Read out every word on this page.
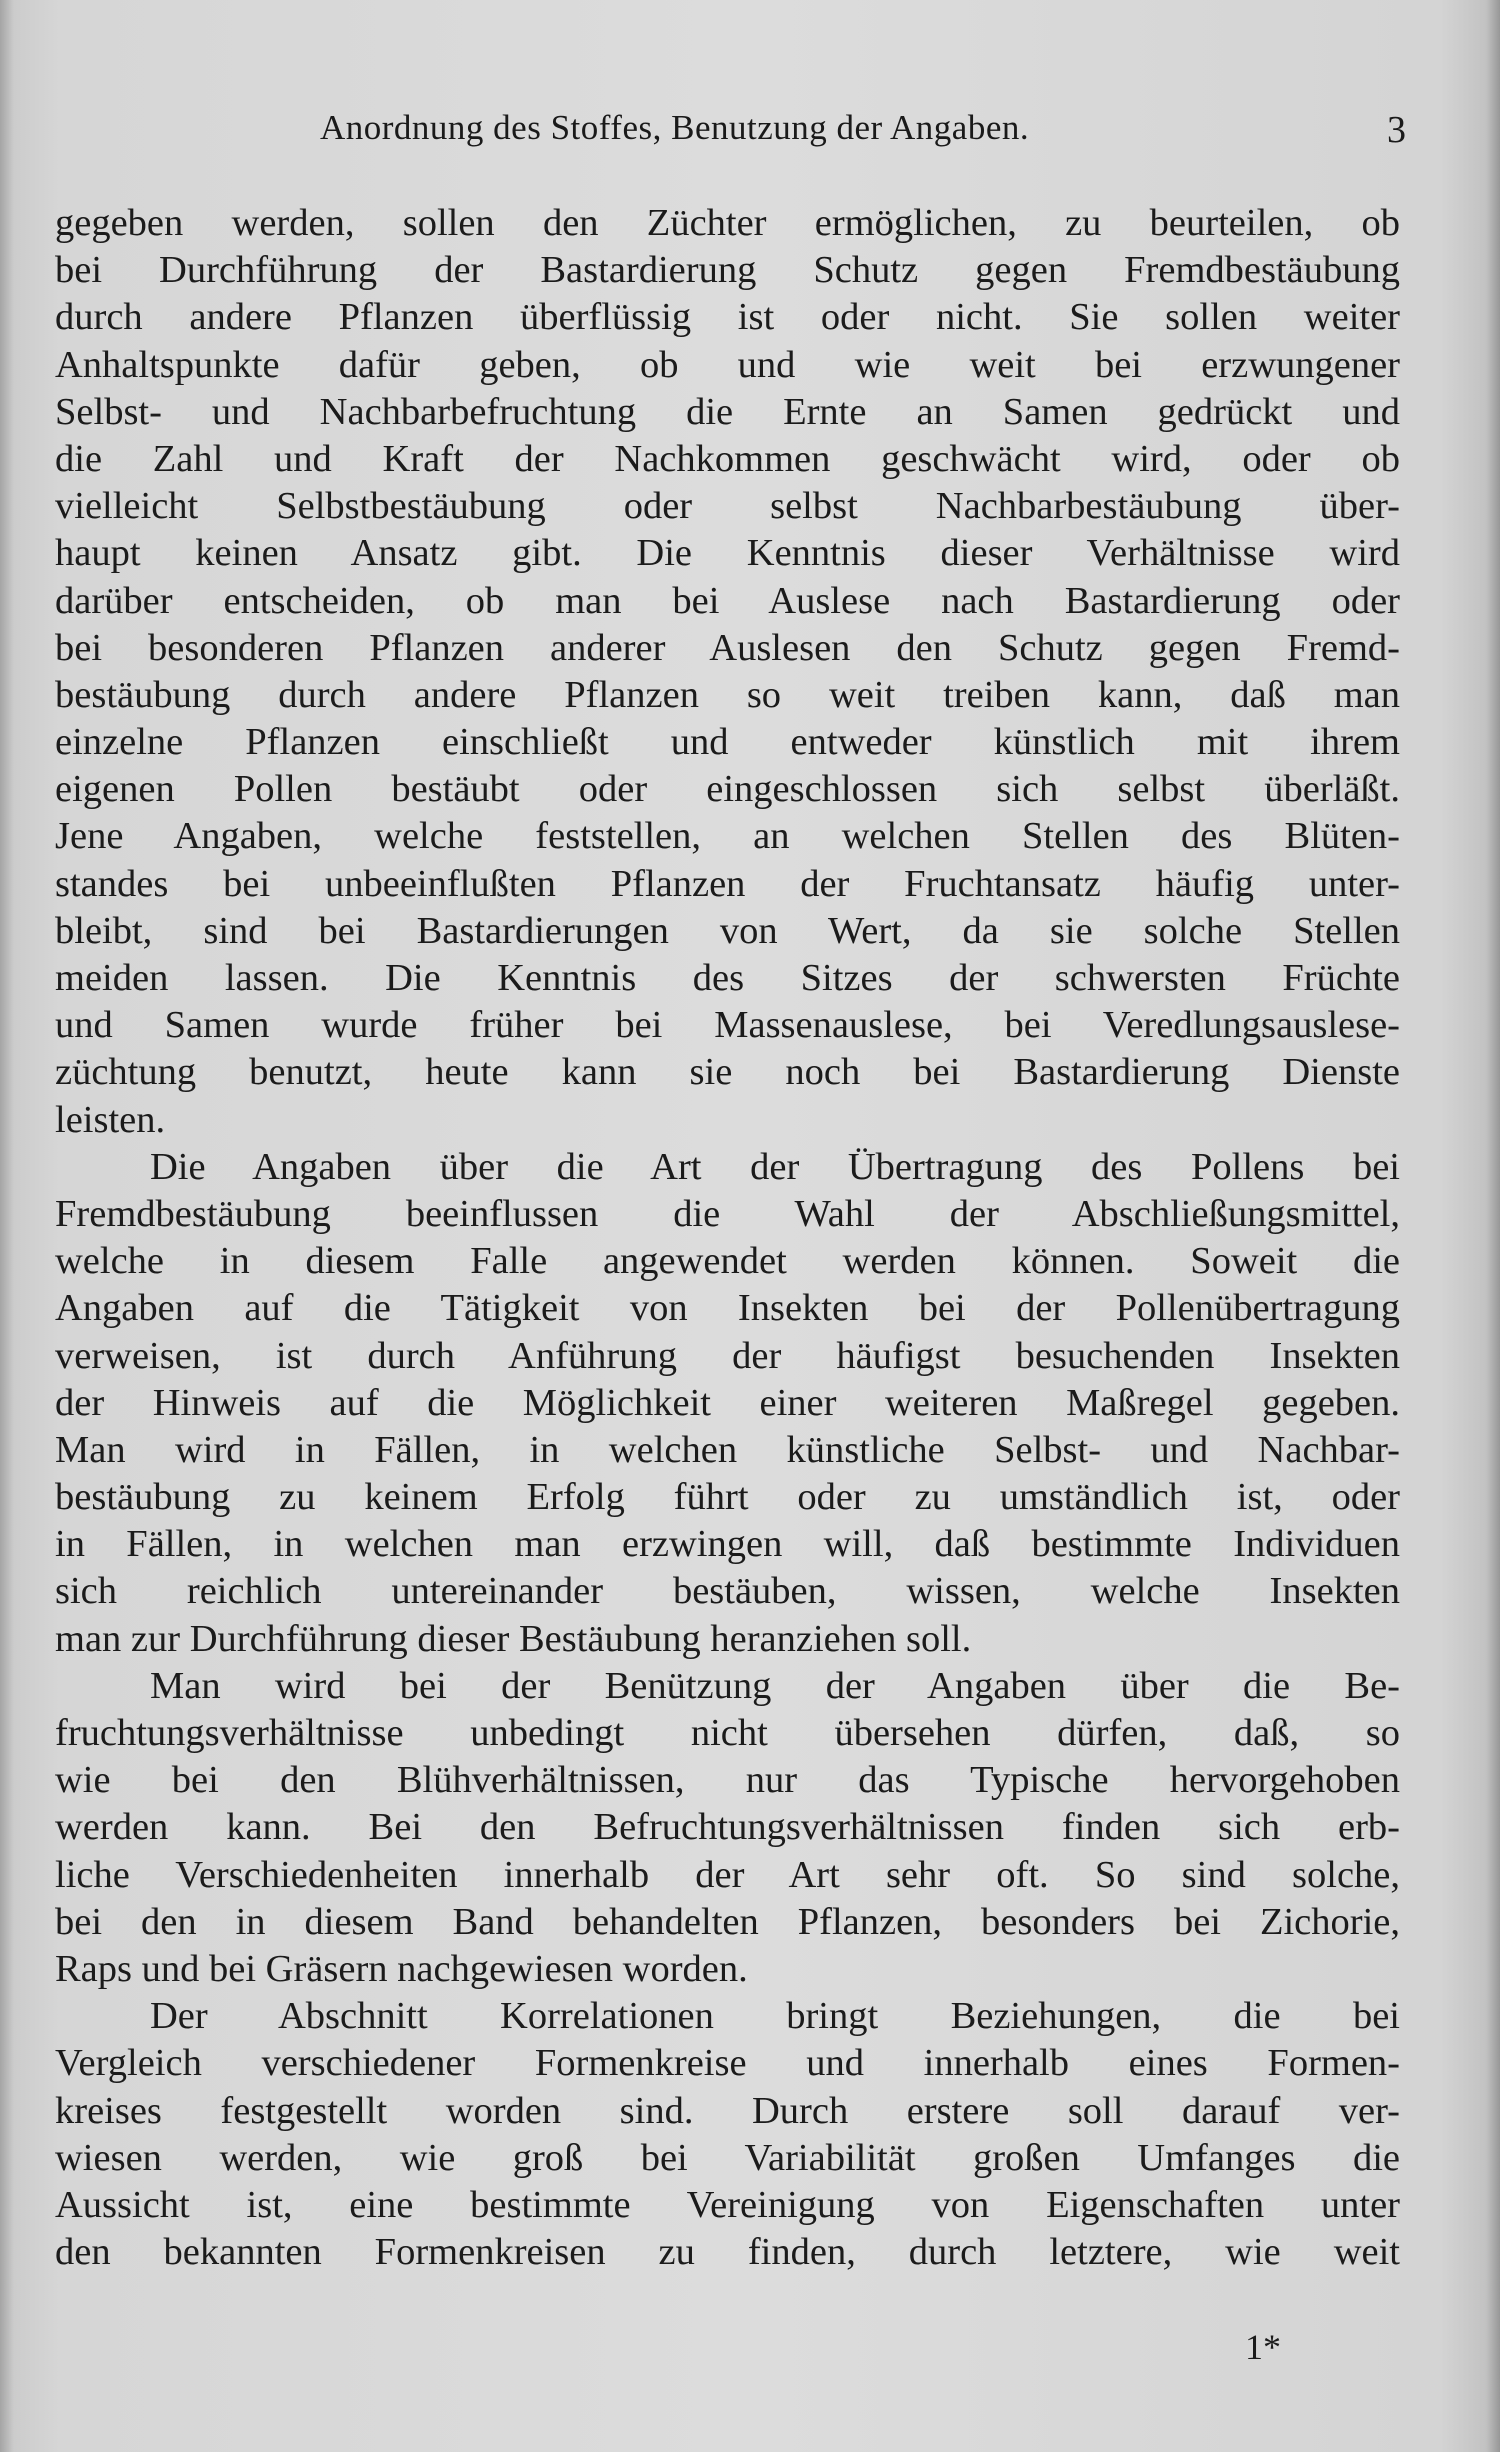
Anordnung des Stoffes, Benutzung der Angaben.	3
gegeben werden, sollen den Züchter ermöglichen, zu beurteilen, ob
bei Durchführung der Bastardierung Schutz gegen Fremdbestäubung
durch andere Pflanzen überflüssig ist oder nicht. Sie sollen weiter
Anhaltspunkte dafür geben, ob und wie weit bei erzwungener
Selbst- und Nachbarbefruchtung die Ernte an Samen gedrückt und
die Zahl und Kraft der Nachkommen geschwächt wird, oder ob
vielleicht Selbstbestäubung oder selbst Nachbarbestäubung über-
haupt keinen Ansatz gibt. Die Kenntnis dieser Verhältnisse wird
darüber entscheiden, ob man bei Auslese nach Bastardierung oder
bei besonderen Pflanzen anderer Auslesen den Schutz gegen Fremd-
bestäubung durch andere Pflanzen so weit treiben kann, daß man
einzelne Pflanzen einschließt und entweder künstlich mit ihrem
eigenen Pollen bestäubt oder eingeschlossen sich selbst überläßt.
Jene Angaben, welche feststellen, an welchen Stellen des Blüten-
standes bei unbeeinflußten Pflanzen der Fruchtansatz häufig unter-
bleibt, sind bei Bastardierungen von Wert, da sie solche Stellen
meiden lassen. Die Kenntnis des Sitzes der schwersten Früchte
und Samen wurde früher bei Massenauslese, bei Veredlungsauslese-
züchtung benutzt, heute kann sie noch bei Bastardierung Dienste
leisten.
Die Angaben über die Art der Übertragung des Pollens bei
Fremdbestäubung beeinflussen die Wahl der Abschließungsmittel,
welche in diesem Falle angewendet werden können. Soweit die
Angaben auf die Tätigkeit von Insekten bei der Pollenübertragung
verweisen, ist durch Anführung der häufigst besuchenden Insekten
der Hinweis auf die Möglichkeit einer weiteren Maßregel gegeben.
Man wird in Fällen, in welchen künstliche Selbst- und Nachbar-
bestäubung zu keinem Erfolg führt oder zu umständlich ist, oder
in Fällen, in welchen man erzwingen will, daß bestimmte Individuen
sich reichlich untereinander bestäuben, wissen, welche Insekten
man zur Durchführung dieser Bestäubung heranziehen soll.
Man wird bei der Benützung der Angaben über die Be-
fruchtungsverhältnisse unbedingt nicht übersehen dürfen, daß, so
wie bei den Blühverhältnissen, nur das Typische hervorgehoben
werden kann. Bei den Befruchtungsverhältnissen finden sich erb-
liche Verschiedenheiten innerhalb der Art sehr oft. So sind solche,
bei den in diesem Band behandelten Pflanzen, besonders bei Zichorie,
Raps und bei Gräsern nachgewiesen worden.
Der Abschnitt Korrelationen bringt Beziehungen, die bei
Vergleich verschiedener Formenkreise und innerhalb eines Formen-
kreises festgestellt worden sind. Durch erstere soll darauf ver-
wiesen werden, wie groß bei Variabilität großen Umfanges die
Aussicht ist, eine bestimmte Vereinigung von Eigenschaften unter
den bekannten Formenkreisen zu finden, durch letztere, wie weit
1*
